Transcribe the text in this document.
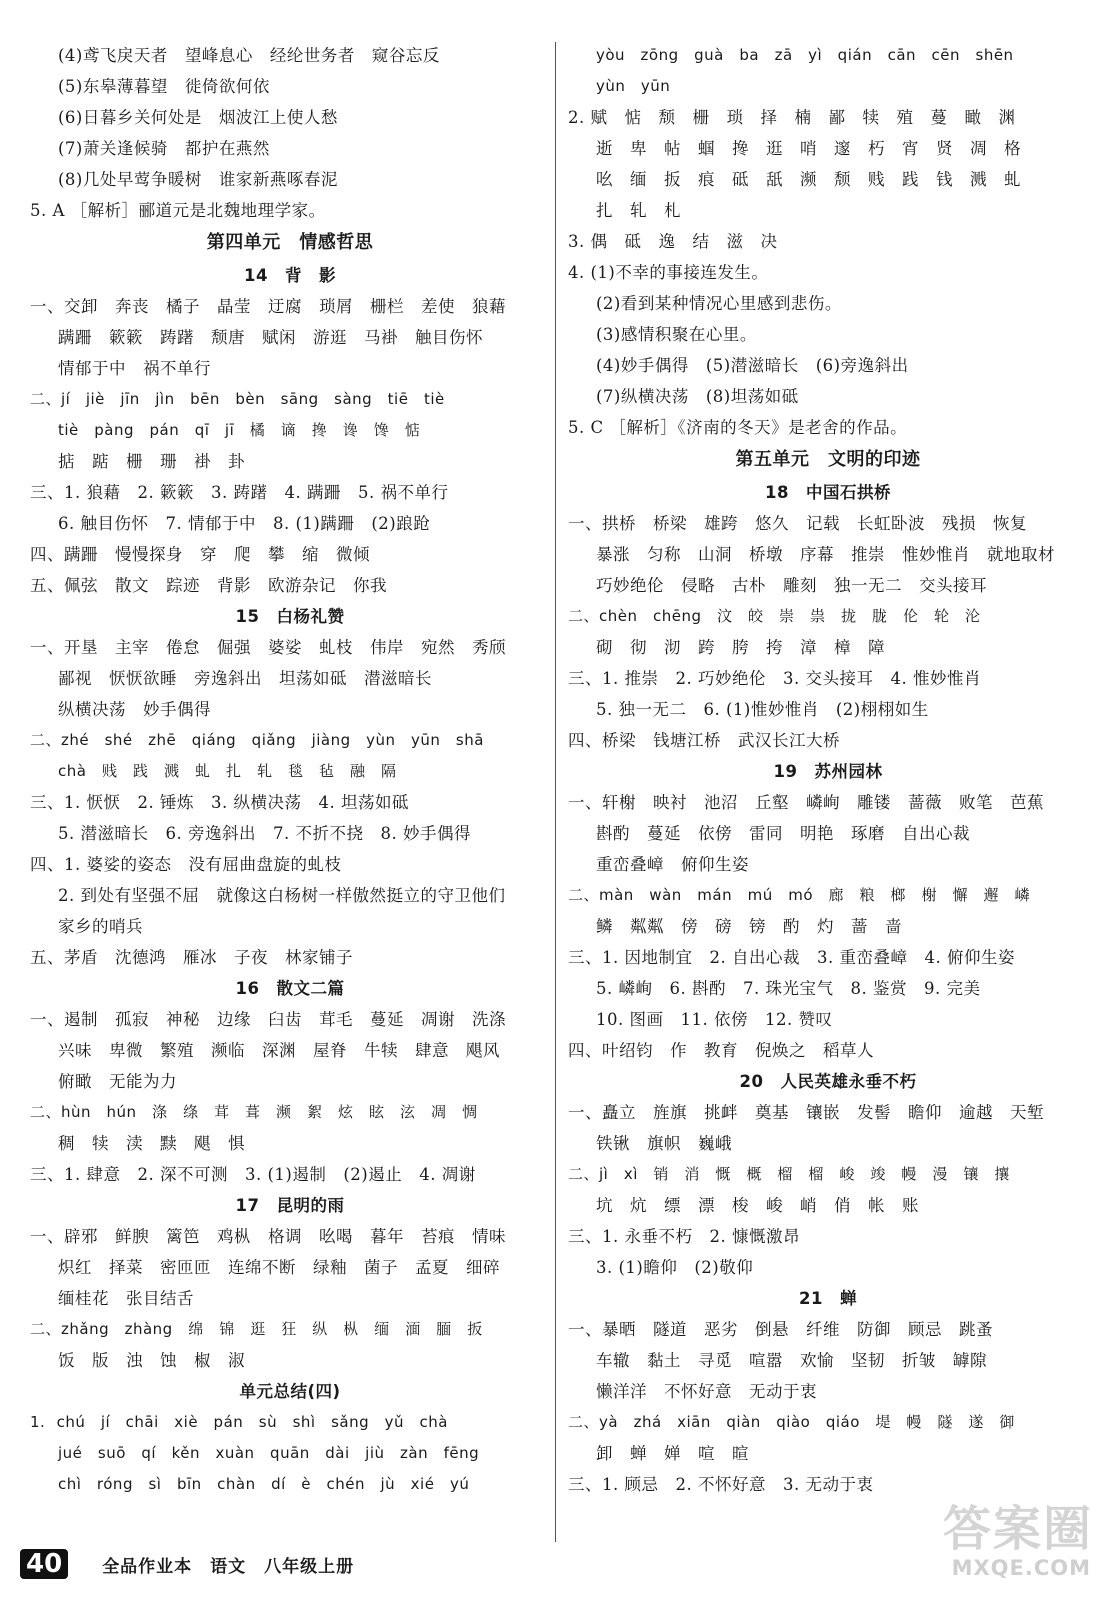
(4)鸢飞戾天者　望峰息心　经纶世务者　窥谷忘反
(5)东皋薄暮望　徙倚欲何依
(6)日暮乡关何处是　烟波江上使人愁
(7)萧关逢候骑　都护在燕然
(8)几处早莺争暖树　谁家新燕啄春泥
5. A ［解析］郦道元是北魏地理学家。
第四单元　情感哲思
14　背　影
一、交卸　奔丧　橘子　晶莹　迂腐　琐屑　栅栏　差使　狼藉
蹒跚　簌簌　踌躇　颓唐　赋闲　游逛　马褂　触目伤怀
情郁于中　祸不单行
二、jí　jiè　jīn　jìn　bēn　bèn　sāng　sàng　tiē　tiè
tiè　pàng　pán　qī　jī　橘　谪　搀　谗　馋　惦
掂　踮　栅　珊　褂　卦
三、1. 狼藉　2. 簌簌　3. 踌躇　4. 蹒跚　5. 祸不单行
6. 触目伤怀　7. 情郁于中　8. (1)蹒跚　(2)踉跄
四、蹒跚　慢慢探身　穿　爬　攀　缩　微倾
五、佩弦　散文　踪迹　背影　欧游杂记　你我
15　白杨礼赞
一、开垦　主宰　倦怠　倔强　婆娑　虬枝　伟岸　宛然　秀颀
鄙视　恹恹欲睡　旁逸斜出　坦荡如砥　潜滋暗长
纵横决荡　妙手偶得
二、zhé　shé　zhē　qiáng　qiǎng　jiàng　yùn　yūn　shā
chà　贱　践　溅　虬　扎　轧　毯　毡　融　隔
三、1. 恹恹　2. 锤炼　3. 纵横决荡　4. 坦荡如砥
5. 潜滋暗长　6. 旁逸斜出　7. 不折不挠　8. 妙手偶得
四、1. 婆娑的姿态　没有屈曲盘旋的虬枝
2. 到处有坚强不屈　就像这白杨树一样傲然挺立的守卫他们
家乡的哨兵
五、茅盾　沈德鸿　雁冰　子夜　林家铺子
16　散文二篇
一、遏制　孤寂　神秘　边缘　臼齿　茸毛　蔓延　凋谢　洗涤
兴味　卑微　繁殖　濒临　深渊　屋脊　牛犊　肆意　飓风
俯瞰　无能为力
二、hùn　hún　涤　绦　茸　葺　濒　絮　炫　眩　泫　凋　惆
稠　犊　渎　黩　飓　惧
三、1. 肆意　2. 深不可测　3. (1)遏制　(2)遏止　4. 凋谢
17　昆明的雨
一、辟邪　鲜腴　篱笆　鸡枞　格调　吆喝　暮年　苔痕　情味
炽红　择菜　密匝匝　连绵不断　绿釉　菌子　孟夏　细碎
缅桂花　张目结舌
二、zhǎng　zhàng　绵　锦　逛　狂　纵　枞　缅　湎　腼　扳
饭　版　浊　蚀　椒　淑
单元总结(四)
1. chú　jí　chāi　xiè　pán　sù　shì　sǎng　yǔ　chà
jué　suō　qí　kěn　xuàn　quān　dài　jiù　zàn　fēng
chì　róng　sì　bīn　chàn　dí　è　chén　jù　xié　yú
yòu　zōng　guà　ba　zā　yì　qián　cān　cēn　shēn
yùn　yūn
2. 赋　惦　颓　栅　琐　择　楠　鄙　犊　殖　蔓　瞰　渊
逝　卑　帖　蝈　搀　逛　哨　邃　朽　宵　贤　凋　格
吆　缅　扳　痕　砥　舐　濒　颓　贱　践　钱　溅　虬
扎　轧　札
3. 偶　砥　逸　结　滋　决
4. (1)不幸的事接连发生。
(2)看到某种情况心里感到悲伤。
(3)感情积聚在心里。
(4)妙手偶得　(5)潜滋暗长　(6)旁逸斜出
(7)纵横决荡　(8)坦荡如砥
5. C ［解析］《济南的冬天》是老舍的作品。
第五单元　文明的印迹
18　中国石拱桥
一、拱桥　桥梁　雄跨　悠久　记载　长虹卧波　残损　恢复
暴涨　匀称　山洞　桥墩　序幕　推崇　惟妙惟肖　就地取材
巧妙绝伦　侵略　古朴　雕刻　独一无二　交头接耳
二、chèn　chēng　汶　皎　崇　祟　拢　胧　伦　轮　沦
砌　彻　沏　跨　胯　挎　漳　樟　障
三、1. 推崇　2. 巧妙绝伦　3. 交头接耳　4. 惟妙惟肖
5. 独一无二　6. (1)惟妙惟肖　(2)栩栩如生
四、桥梁　钱塘江桥　武汉长江大桥
19　苏州园林
一、轩榭　映衬　池沼　丘壑　嶙峋　雕镂　蔷薇　败笔　芭蕉
斟酌　蔓延　依傍　雷同　明艳　琢磨　自出心裁
重峦叠嶂　俯仰生姿
二、màn　wàn　mán　mú　mó　廊　粮　榔　榭　懈　邂　嶙
鳞　粼粼　傍　磅　镑　酌　灼　蔷　啬
三、1. 因地制宜　2. 自出心裁　3. 重峦叠嶂　4. 俯仰生姿
5. 嶙峋　6. 斟酌　7. 珠光宝气　8. 鉴赏　9. 完美
10. 图画　11. 依傍　12. 赞叹
四、叶绍钧　作　教育　倪焕之　稻草人
20　人民英雄永垂不朽
一、矗立　旌旗　挑衅　奠基　镶嵌　发髻　瞻仰　逾越　天堑
铁锹　旗帜　巍峨
二、jì　xì　销　消　慨　概　榴　榴　峻　竣　幔　漫　镶　攘
坑　炕　缥　漂　梭　峻　峭　俏　帐　账
三、1. 永垂不朽　2. 慷慨激昂
3. (1)瞻仰　(2)敬仰
21　蝉
一、暴晒　隧道　恶劣　倒悬　纤维　防御　顾忌　跳蚤
车辙　黏土　寻觅　喧嚣　欢愉　坚韧　折皱　罅隙
懒洋洋　不怀好意　无动于衷
二、yà　zhá　xiān　qiàn　qiào　qiáo　堤　幔　隧　遂　御
卸　蝉　婵　喧　暄
三、1. 顾忌　2. 不怀好意　3. 无动于衷
40	全品作业本　语文　八年级上册
答案圈
MXQE.COM
